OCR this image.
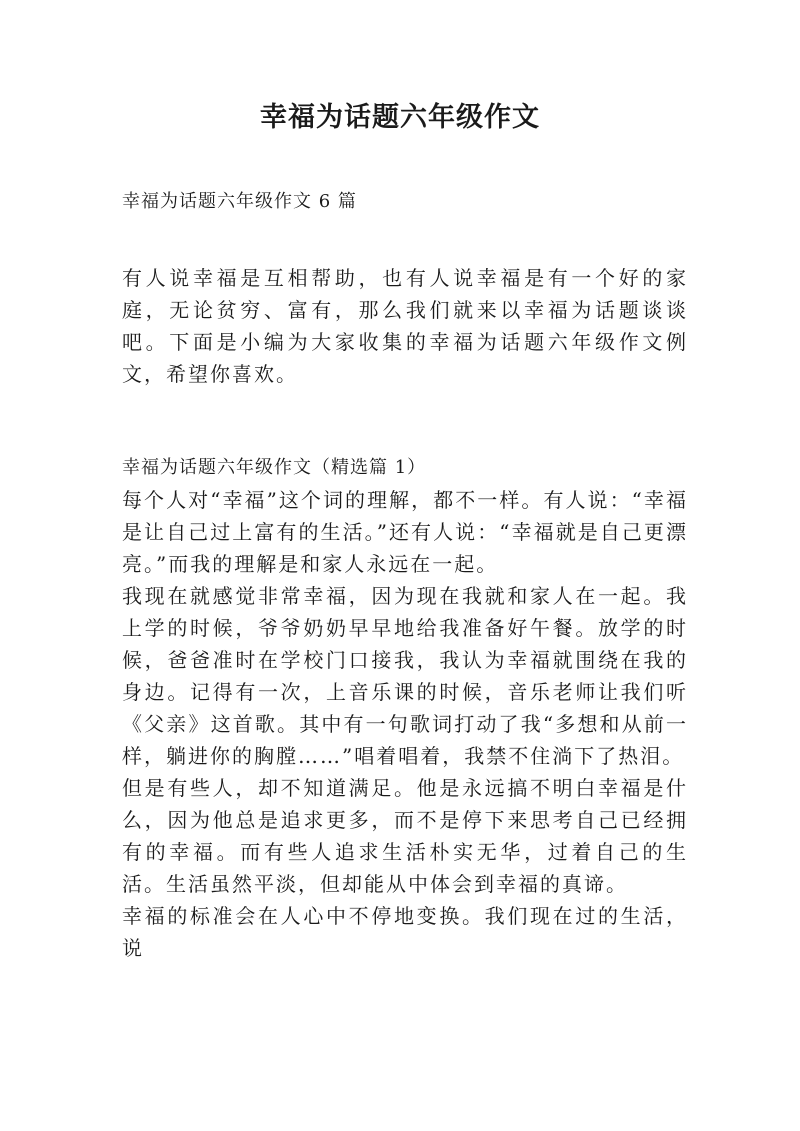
幸福为话题六年级作文

幸福为话题六年级作文 6 篇

有人说幸福是互相帮助，也有人说幸福是有一个好的家庭，无论贫穷、富有，那么我们就来以幸福为话题谈谈吧。下面是小编为大家收集的幸福为话题六年级作文例文，希望你喜欢。

幸福为话题六年级作文（精选篇 1）

每个人对“幸福”这个词的理解，都不一样。有人说：“幸福是让自己过上富有的生活。”还有人说：“幸福就是自己更漂亮。”而我的理解是和家人永远在一起。

我现在就感觉非常幸福，因为现在我就和家人在一起。我上学的时候，爷爷奶奶早早地给我准备好午餐。放学的时候，爸爸准时在学校门口接我，我认为幸福就围绕在我的身边。记得有一次，上音乐课的时候，音乐老师让我们听《父亲》这首歌。其中有一句歌词打动了我“多想和从前一样，躺进你的胸膛……”唱着唱着，我禁不住淌下了热泪。

但是有些人，却不知道满足。他是永远搞不明白幸福是什么，因为他总是追求更多，而不是停下来思考自己已经拥有的幸福。而有些人追求生活朴实无华，过着自己的生活。生活虽然平淡，但却能从中体会到幸福的真谛。

幸福的标准会在人心中不停地变换。我们现在过的生活，说
